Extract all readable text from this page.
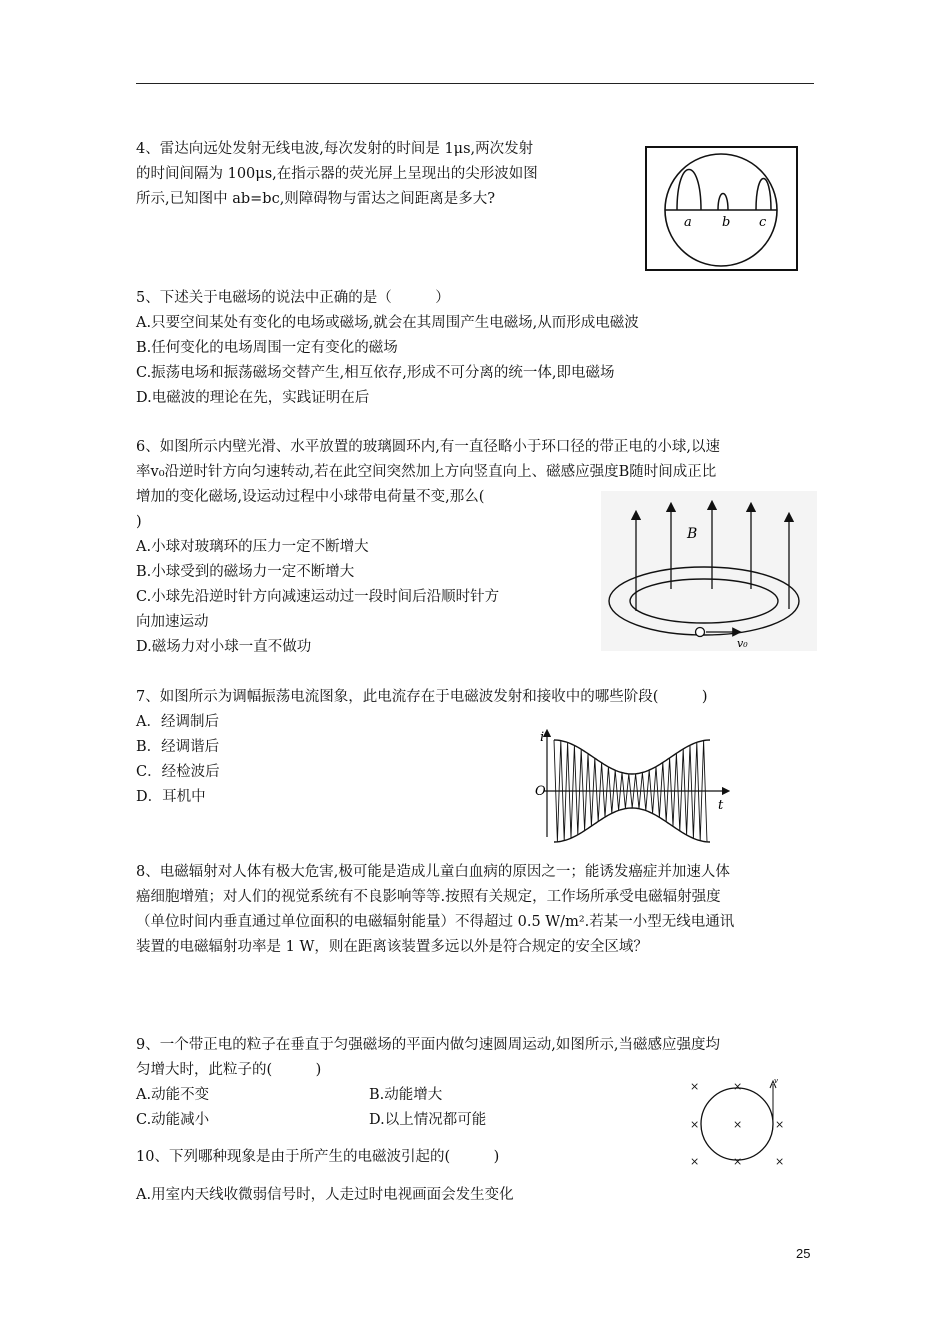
4、雷达向远处发射无线电波,每次发射的时间是 1μs,两次发射
的时间间隔为 100μs,在指示器的荧光屏上呈现出的尖形波如图
所示,已知图中 ab=bc,则障碍物与雷达之间距离是多大?
a b c
5、下述关于电磁场的说法中正确的是（　　　）
A.只要空间某处有变化的电场或磁场,就会在其周围产生电磁场,从而形成电磁波
B.任何变化的电场周围一定有变化的磁场
C.振荡电场和振荡磁场交替产生,相互依存,形成不可分离的统一体,即电磁场
D.电磁波的理论在先，实践证明在后
6、如图所示内壁光滑、水平放置的玻璃圆环内,有一直径略小于环口径的带正电的小球,以速
率v₀沿逆时针方向匀速转动,若在此空间突然加上方向竖直向上、磁感应强度B随时间成正比
增加的变化磁场,设运动过程中小球带电荷量不变,那么(
)
A.小球对玻璃环的压力一定不断增大
B.小球受到的磁场力一定不断增大
C.小球先沿逆时针方向减速运动过一段时间后沿顺时针方
向加速运动
D.磁场力对小球一直不做功
B
v₀
7、如图所示为调幅振荡电流图象，此电流存在于电磁波发射和接收中的哪些阶段(　　　)
A．经调制后
B．经调谐后
C．经检波后
D．耳机中
i
O
t
8、电磁辐射对人体有极大危害,极可能是造成儿童白血病的原因之一；能诱发癌症并加速人体
癌细胞增殖；对人们的视觉系统有不良影响等等.按照有关规定，工作场所承受电磁辐射强度
（单位时间内垂直通过单位面积的电磁辐射能量）不得超过 0.5 W/m².若某一小型无线电通讯
装置的电磁辐射功率是 1 W，则在距离该装置多远以外是符合规定的安全区域？
9、一个带正电的粒子在垂直于匀强磁场的平面内做匀速圆周运动,如图所示,当磁感应强度均
匀增大时，此粒子的(　　　)
A.动能不变	B.动能增大
C.动能减小	D.以上情况都可能
v
×	×
×	×	×
×	×	×
10、下列哪种现象是由于所产生的电磁波引起的(　　　)
A.用室内天线收微弱信号时，人走过时电视画面会发生变化
25
